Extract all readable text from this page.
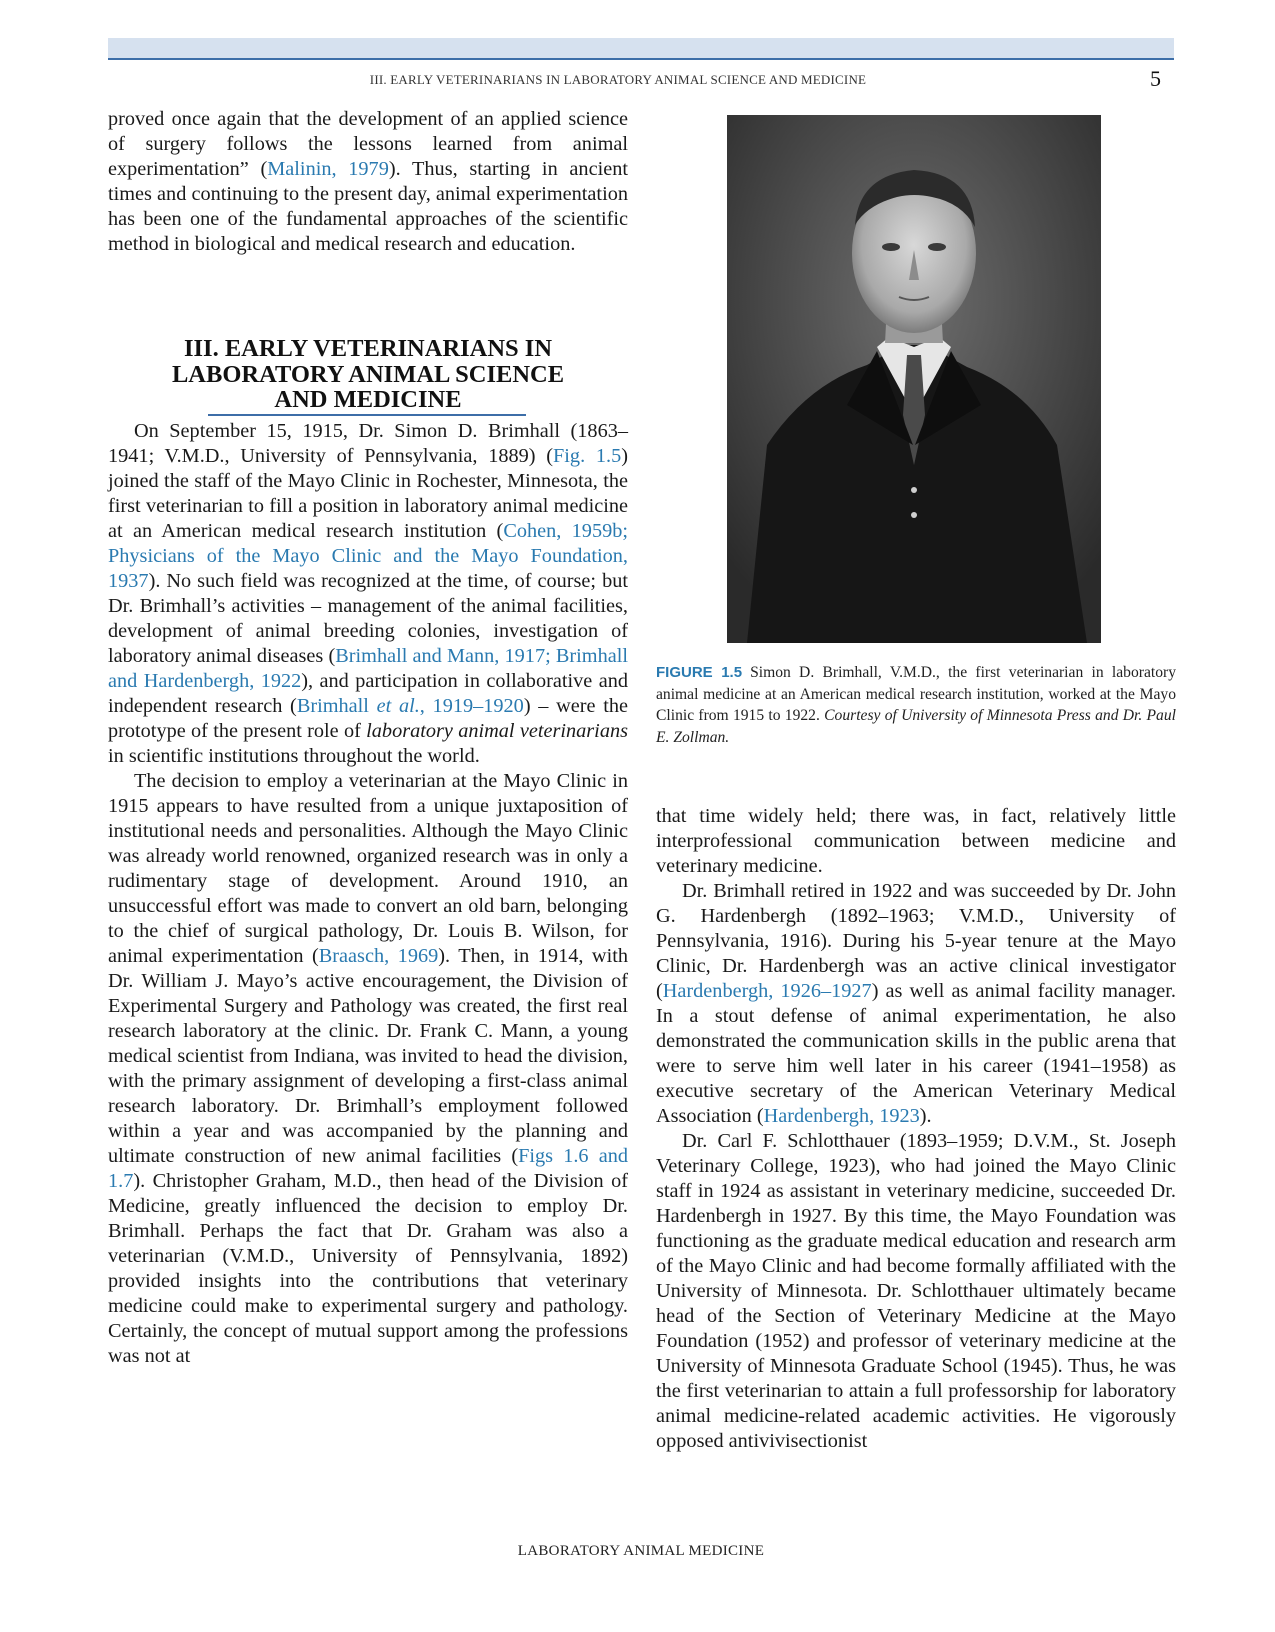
III. EARLY VETERINARIANS IN LABORATORY ANIMAL SCIENCE AND MEDICINE	5

proved once again that the development of an applied science of surgery follows the lessons learned from animal experimentation” (Malinin, 1979). Thus, starting in ancient times and continuing to the present day, animal experimentation has been one of the fundamental approaches of the scientific method in biological and medical research and education.

III. EARLY VETERINARIANS IN
LABORATORY ANIMAL SCIENCE
AND MEDICINE

On September 15, 1915, Dr. Simon D. Brimhall (1863–1941; V.M.D., University of Pennsylvania, 1889) (Fig. 1.5) joined the staff of the Mayo Clinic in Rochester, Minnesota, the first veterinarian to fill a position in laboratory animal medicine at an American medical research institution (Cohen, 1959b; Physicians of the Mayo Clinic and the Mayo Foundation, 1937). No such field was recognized at the time, of course; but Dr. Brimhall’s activities – management of the animal facilities, development of animal breeding colonies, investigation of laboratory animal diseases (Brimhall and Mann, 1917; Brimhall and Hardenbergh, 1922), and participation in collaborative and independent research (Brimhall et al., 1919–1920) – were the prototype of the present role of laboratory animal veterinarians in scientific institutions throughout the world.

The decision to employ a veterinarian at the Mayo Clinic in 1915 appears to have resulted from a unique juxtaposition of institutional needs and personalities. Although the Mayo Clinic was already world renowned, organized research was in only a rudimentary stage of development. Around 1910, an unsuccessful effort was made to convert an old barn, belonging to the chief of surgical pathology, Dr. Louis B. Wilson, for animal experimentation (Braasch, 1969). Then, in 1914, with Dr. William J. Mayo’s active encouragement, the Division of Experimental Surgery and Pathology was created, the first real research laboratory at the clinic. Dr. Frank C. Mann, a young medical scientist from Indiana, was invited to head the division, with the primary assignment of developing a first-class animal research laboratory. Dr. Brimhall’s employment followed within a year and was accompanied by the planning and ultimate construction of new animal facilities (Figs 1.6 and 1.7). Christopher Graham, M.D., then head of the Division of Medicine, greatly influenced the decision to employ Dr. Brimhall. Perhaps the fact that Dr. Graham was also a veterinarian (V.M.D., University of Pennsylvania, 1892) provided insights into the contributions that veterinary medicine could make to experimental surgery and pathology. Certainly, the concept of mutual support among the professions was not at

FIGURE 1.5 Simon D. Brimhall, V.M.D., the first veterinarian in laboratory animal medicine at an American medical research institution, worked at the Mayo Clinic from 1915 to 1922. Courtesy of University of Minnesota Press and Dr. Paul E. Zollman.

that time widely held; there was, in fact, relatively little interprofessional communication between medicine and veterinary medicine.

Dr. Brimhall retired in 1922 and was succeeded by Dr. John G. Hardenbergh (1892–1963; V.M.D., University of Pennsylvania, 1916). During his 5-year tenure at the Mayo Clinic, Dr. Hardenbergh was an active clinical investigator (Hardenbergh, 1926–1927) as well as animal facility manager. In a stout defense of animal experimentation, he also demonstrated the communication skills in the public arena that were to serve him well later in his career (1941–1958) as executive secretary of the American Veterinary Medical Association (Hardenbergh, 1923).

Dr. Carl F. Schlotthauer (1893–1959; D.V.M., St. Joseph Veterinary College, 1923), who had joined the Mayo Clinic staff in 1924 as assistant in veterinary medicine, succeeded Dr. Hardenbergh in 1927. By this time, the Mayo Foundation was functioning as the graduate medical education and research arm of the Mayo Clinic and had become formally affiliated with the University of Minnesota. Dr. Schlotthauer ultimately became head of the Section of Veterinary Medicine at the Mayo Foundation (1952) and professor of veterinary medicine at the University of Minnesota Graduate School (1945). Thus, he was the first veterinarian to attain a full professorship for laboratory animal medicine-related academic activities. He vigorously opposed antivivisectionist

LABORATORY ANIMAL MEDICINE
